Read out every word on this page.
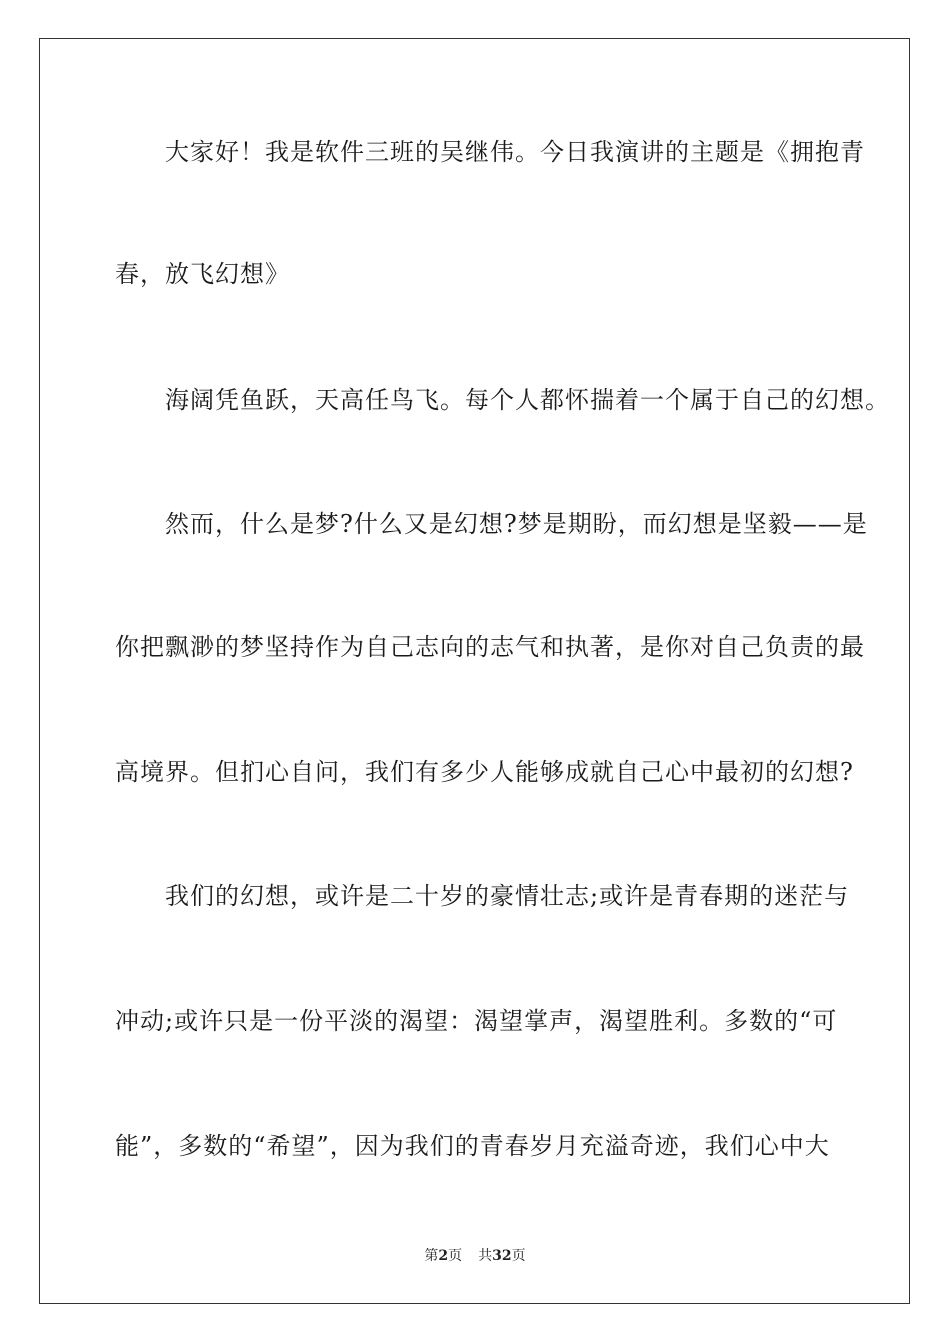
大家好！我是软件三班的吴继伟。今日我演讲的主题是《拥抱青
春，放飞幻想》
海阔凭鱼跃，天高任鸟飞。每个人都怀揣着一个属于自己的幻想。
然而，什么是梦?什么又是幻想?梦是期盼，而幻想是坚毅——是
你把飘渺的梦坚持作为自己志向的志气和执著，是你对自己负责的最
高境界。但扪心自问，我们有多少人能够成就自己心中最初的幻想?
我们的幻想，或许是二十岁的豪情壮志;或许是青春期的迷茫与
冲动;或许只是一份平淡的渴望：渴望掌声，渴望胜利。多数的“可
能”，多数的“希望”，因为我们的青春岁月充溢奇迹，我们心中大
第2页 共32页
